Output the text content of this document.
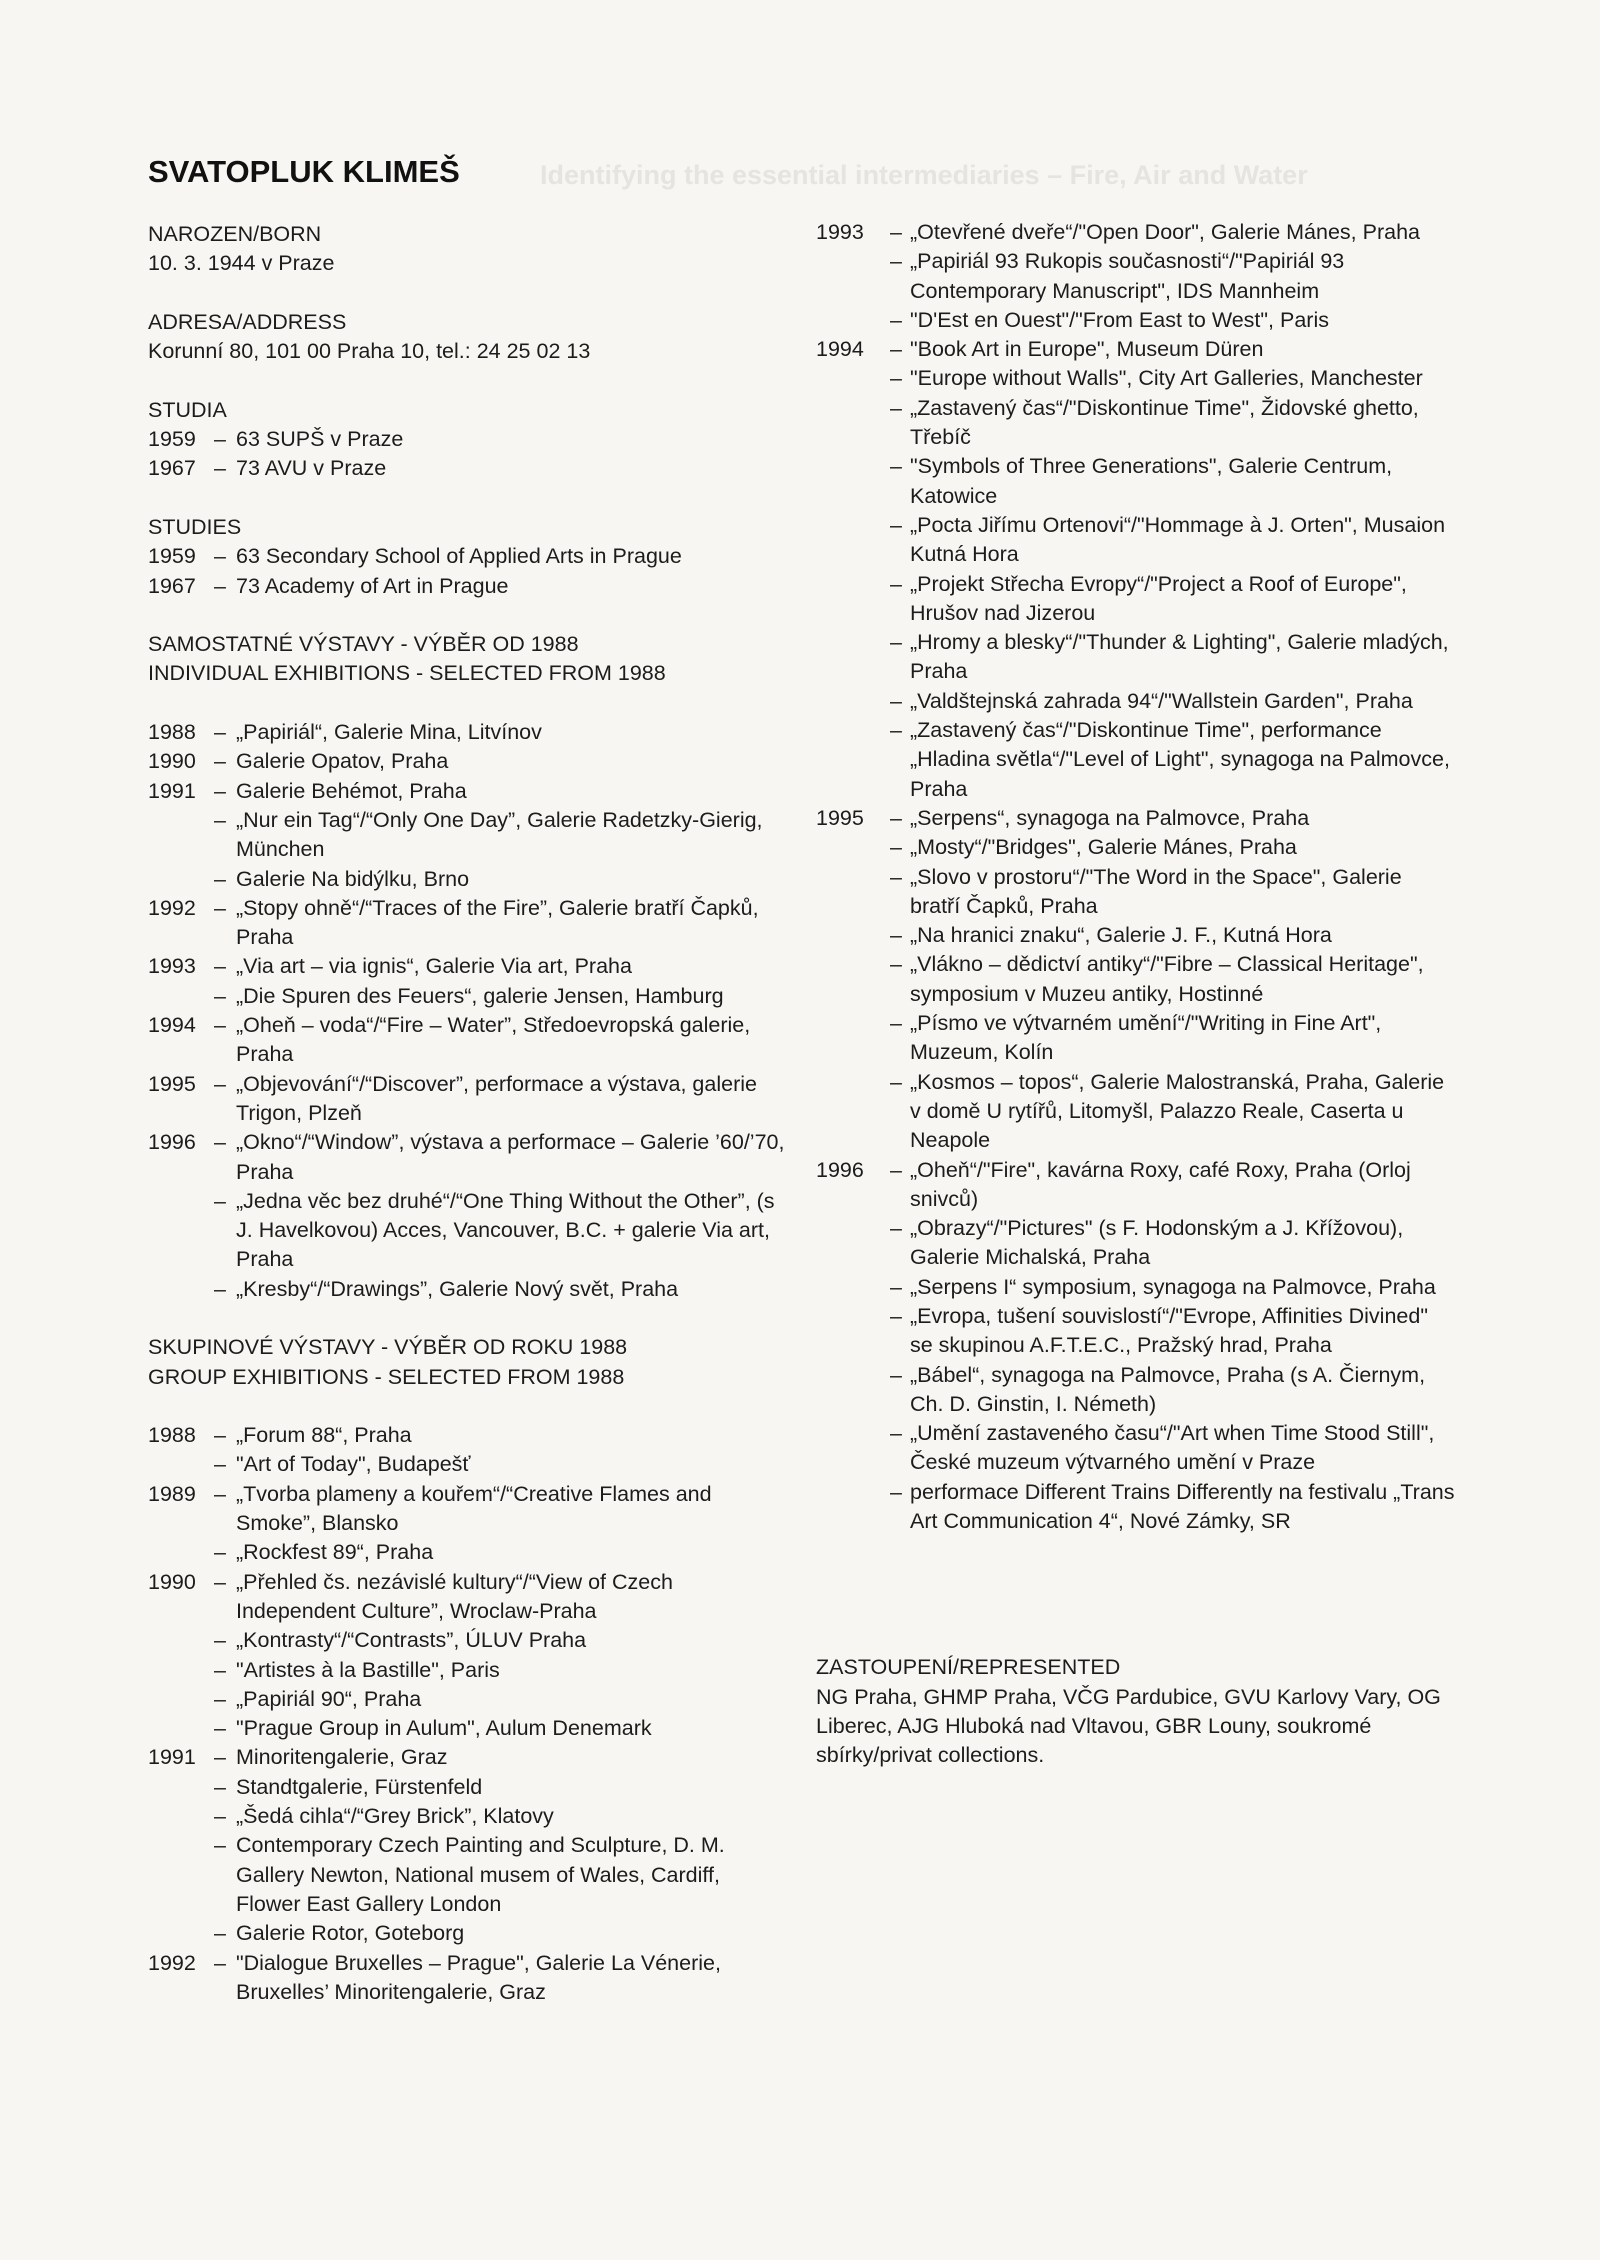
Identifying the essential intermediaries – Fire, Air and Water
SVATOPLUK KLIMEŠ
NAROZEN/BORN
10. 3. 1944 v Praze
ADRESA/ADDRESS
Korunní 80, 101 00 Praha 10, tel.: 24 25 02 13
STUDIA
1959 – 63 SUPŠ v Praze
1967 – 73 AVU v Praze
STUDIES
1959 – 63 Secondary School of Applied Arts in Prague
1967 – 73 Academy of Art in Prague
SAMOSTATNÉ VÝSTAVY - VÝBĚR OD 1988
INDIVIDUAL EXHIBITIONS - SELECTED FROM 1988
1988 – „Papiriál“, Galerie Mina, Litvínov
1990 – Galerie Opatov, Praha
1991 – Galerie Behémot, Praha
– „Nur ein Tag“/“Only One Day”, Galerie Radetzky-Gierig, München
– Galerie Na bidýlku, Brno
1992 – „Stopy ohně“/“Traces of the Fire”, Galerie bratří Čapků, Praha
1993 – „Via art – via ignis“, Galerie Via art, Praha
– „Die Spuren des Feuers“, galerie Jensen, Hamburg
1994 – „Oheň – voda“/“Fire – Water”, Středoevropská galerie, Praha
1995 – „Objevování“/“Discover”, performace a výstava, galerie Trigon, Plzeň
1996 – „Okno“/“Window”, výstava a performace – Galerie ’60/’70, Praha
– „Jedna věc bez druhé“/“One Thing Without the Other”, (s J. Havelkovou) Acces, Vancouver, B.C. + galerie Via art, Praha
– „Kresby“/“Drawings”, Galerie Nový svět, Praha
SKUPINOVÉ VÝSTAVY - VÝBĚR OD ROKU 1988
GROUP EXHIBITIONS - SELECTED FROM 1988
1988 – „Forum 88“, Praha
– "Art of Today", Budapešť
1989 – „Tvorba plameny a kouřem“/“Creative Flames and Smoke”, Blansko
– „Rockfest 89“, Praha
1990 – „Přehled čs. nezávislé kultury“/“View of Czech Independent Culture”, Wroclaw-Praha
– „Kontrasty“/“Contrasts”, ÚLUV Praha
– "Artistes à la Bastille", Paris
– „Papiriál 90“, Praha
– "Prague Group in Aulum", Aulum Denemark
1991 – Minoritengalerie, Graz
– Standtgalerie, Fürstenfeld
– „Šedá cihla“/“Grey Brick”, Klatovy
– Contemporary Czech Painting and Sculpture, D. M. Gallery Newton, National musem of Wales, Cardiff, Flower East Gallery London
– Galerie Rotor, Goteborg
1992 – "Dialogue Bruxelles – Prague", Galerie La Vénerie, Bruxelles’ Minoritengalerie, Graz
1993	– „Otevřené dveře“/"Open Door", Galerie Mánes, Praha
– „Papiriál 93 Rukopis současnosti“/"Papiriál 93 Contemporary Manuscript", IDS Mannheim
– "D'Est en Ouest"/"From East to West", Paris
1994	– "Book Art in Europe", Museum Düren
– "Europe without Walls", City Art Galleries, Manchester
– „Zastavený čas“/"Diskontinue Time", Židovské ghetto, Třebíč
– "Symbols of Three Generations", Galerie Centrum, Katowice
– „Pocta Jiřímu Ortenovi“/"Hommage à J. Orten", Musaion Kutná Hora
– „Projekt Střecha Evropy“/"Project a Roof of Europe", Hrušov nad Jizerou
– „Hromy a blesky“/"Thunder & Lighting", Galerie mladých, Praha
– „Valdštejnská zahrada 94“/"Wallstein Garden", Praha
– „Zastavený čas“/"Diskontinue Time", performance „Hladina světla“/"Level of Light", synagoga na Palmovce, Praha
1995	– „Serpens“, synagoga na Palmovce, Praha
– „Mosty“/"Bridges", Galerie Mánes, Praha
– „Slovo v prostoru“/"The Word in the Space", Galerie bratří Čapků, Praha
– „Na hranici znaku“, Galerie J. F., Kutná Hora
– „Vlákno – dědictví antiky“/"Fibre – Classical Heritage", symposium v Muzeu antiky, Hostinné
– „Písmo ve výtvarném umění“/"Writing in Fine Art", Muzeum, Kolín
– „Kosmos – topos“, Galerie Malostranská, Praha, Galerie v domě U rytířů, Litomyšl, Palazzo Reale, Caserta u Neapole
1996	– „Oheň“/"Fire", kavárna Roxy, café Roxy, Praha (Orloj snivců)
– „Obrazy“/"Pictures" (s F. Hodonským a J. Křížovou), Galerie Michalská, Praha
– „Serpens I“ symposium, synagoga na Palmovce, Praha
– „Evropa, tušení souvislostí“/"Evrope, Affinities Divined" se skupinou A.F.T.E.C., Pražský hrad, Praha
– „Bábel“, synagoga na Palmovce, Praha (s A. Čiernym, Ch. D. Ginstin, I. Németh)
– „Umění zastaveného času“/"Art when Time Stood Still", České muzeum výtvarného umění v Praze
– performace Different Trains Differently na festivalu „Trans Art Communication 4“, Nové Zámky, SR
ZASTOUPENÍ/REPRESENTED
NG Praha, GHMP Praha, VČG Pardubice, GVU Karlovy Vary, OG Liberec, AJG Hluboká nad Vltavou, GBR Louny, soukromé sbírky/privat collections.
